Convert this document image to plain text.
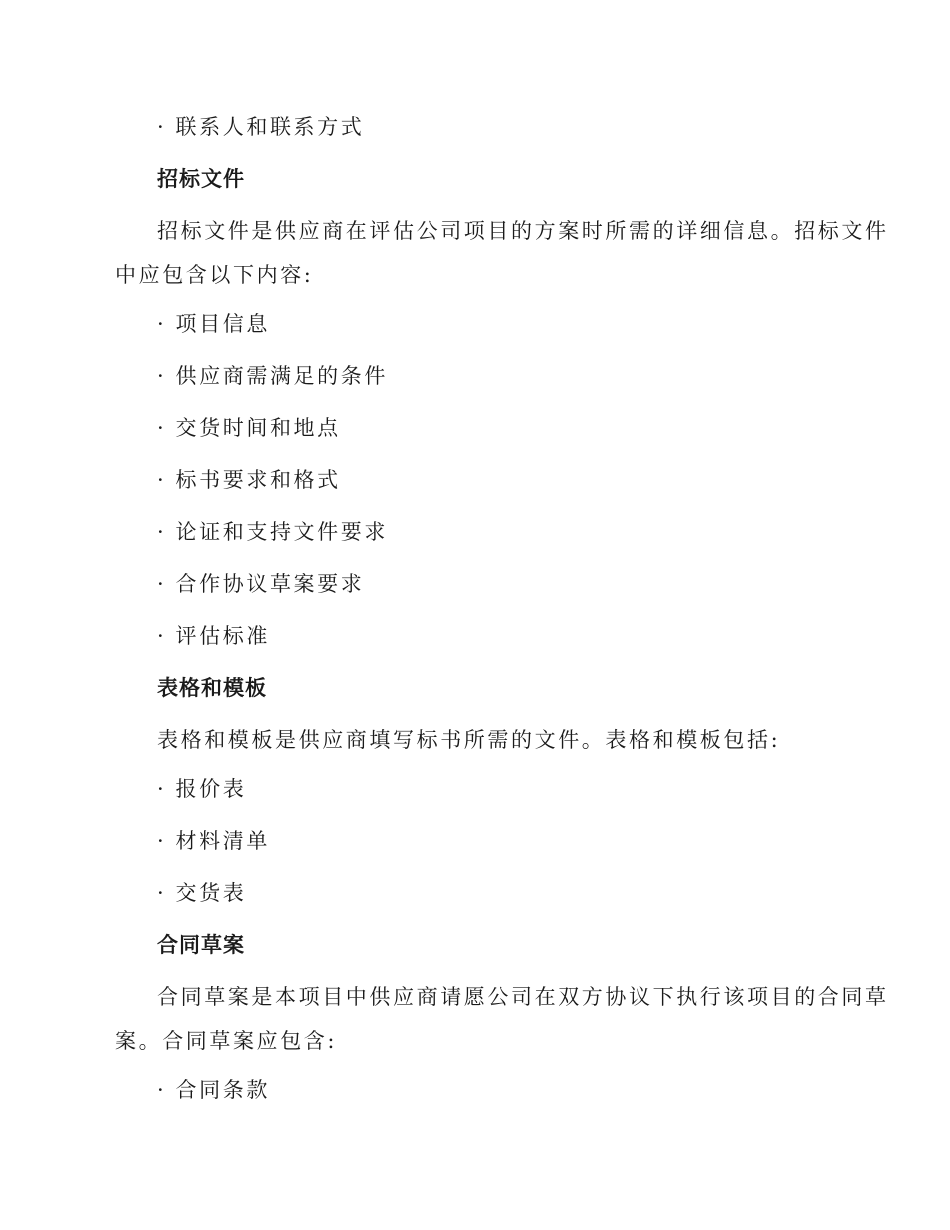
· 联系人和联系方式
招标文件
招标文件是供应商在评估公司项目的方案时所需的详细信息。招标文件
中应包含以下内容:
· 项目信息
· 供应商需满足的条件
· 交货时间和地点
· 标书要求和格式
· 论证和支持文件要求
· 合作协议草案要求
· 评估标准
表格和模板
表格和模板是供应商填写标书所需的文件。表格和模板包括:
· 报价表
· 材料清单
· 交货表
合同草案
合同草案是本项目中供应商请愿公司在双方协议下执行该项目的合同草
案。合同草案应包含:
· 合同条款
